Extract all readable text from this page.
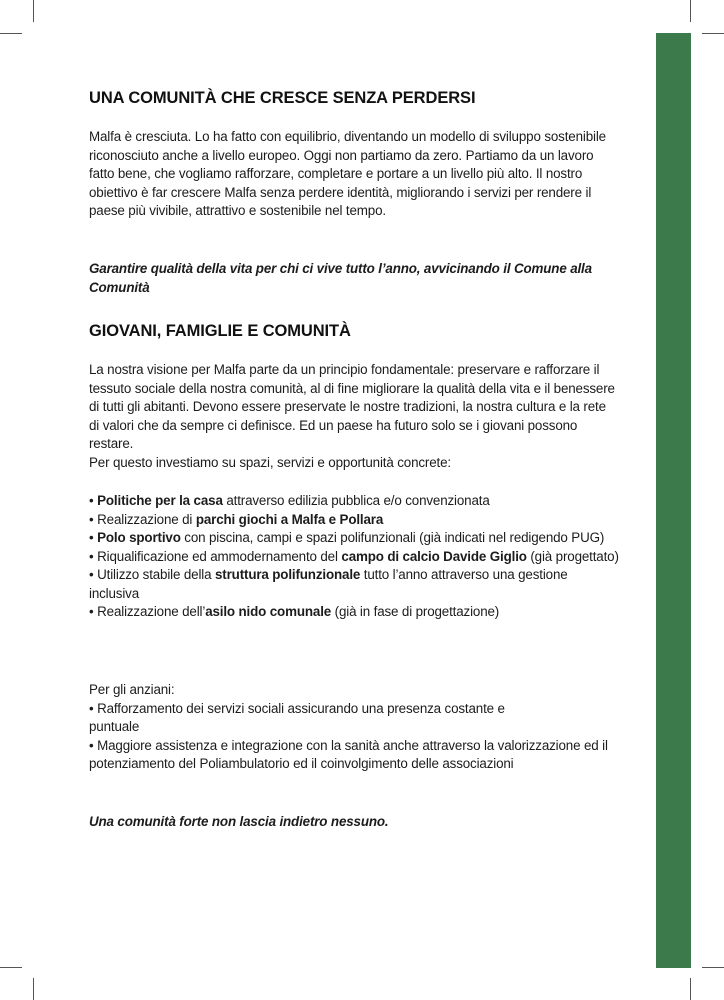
UNA COMUNITÀ CHE CRESCE SENZA PERDERSI

Malfa è cresciuta. Lo ha fatto con equilibrio, diventando un modello di sviluppo sostenibile riconosciuto anche a livello europeo. Oggi non partiamo da zero. Partiamo da un lavoro fatto bene, che vogliamo rafforzare, completare e portare a un livello più alto. Il nostro obiettivo è far crescere Malfa senza perdere identità, migliorando i servizi per rendere il paese più vivibile, attrattivo e sostenibile nel tempo.

Garantire qualità della vita per chi ci vive tutto l’anno, avvicinando il Comune alla Comunità

GIOVANI, FAMIGLIE E COMUNITÀ

La nostra visione per Malfa parte da un principio fondamentale: preservare e rafforzare il tessuto sociale della nostra comunità, al di fine migliorare la qualità della vita e il benessere di tutti gli abitanti. Devono essere preservate le nostre tradizioni, la nostra cultura e la rete di valori che da sempre ci definisce. Ed un paese ha futuro solo se i giovani possono restare.
Per questo investiamo su spazi, servizi e opportunità concrete:

• Politiche per la casa attraverso edilizia pubblica e/o convenzionata
• Realizzazione di parchi giochi a Malfa e Pollara
• Polo sportivo con piscina, campi e spazi polifunzionali (già indicati nel redigendo PUG)
• Riqualificazione ed ammodernamento del campo di calcio Davide Giglio (già progettato)
• Utilizzo stabile della struttura polifunzionale tutto l’anno attraverso una gestione inclusiva
• Realizzazione dell’asilo nido comunale (già in fase di progettazione)

Per gli anziani:
• Rafforzamento dei servizi sociali assicurando una presenza costante e puntuale
• Maggiore assistenza e integrazione con la sanità anche attraverso la valorizzazione ed il potenziamento del Poliambulatorio ed il coinvolgimento delle associazioni

Una comunità forte non lascia indietro nessuno.
